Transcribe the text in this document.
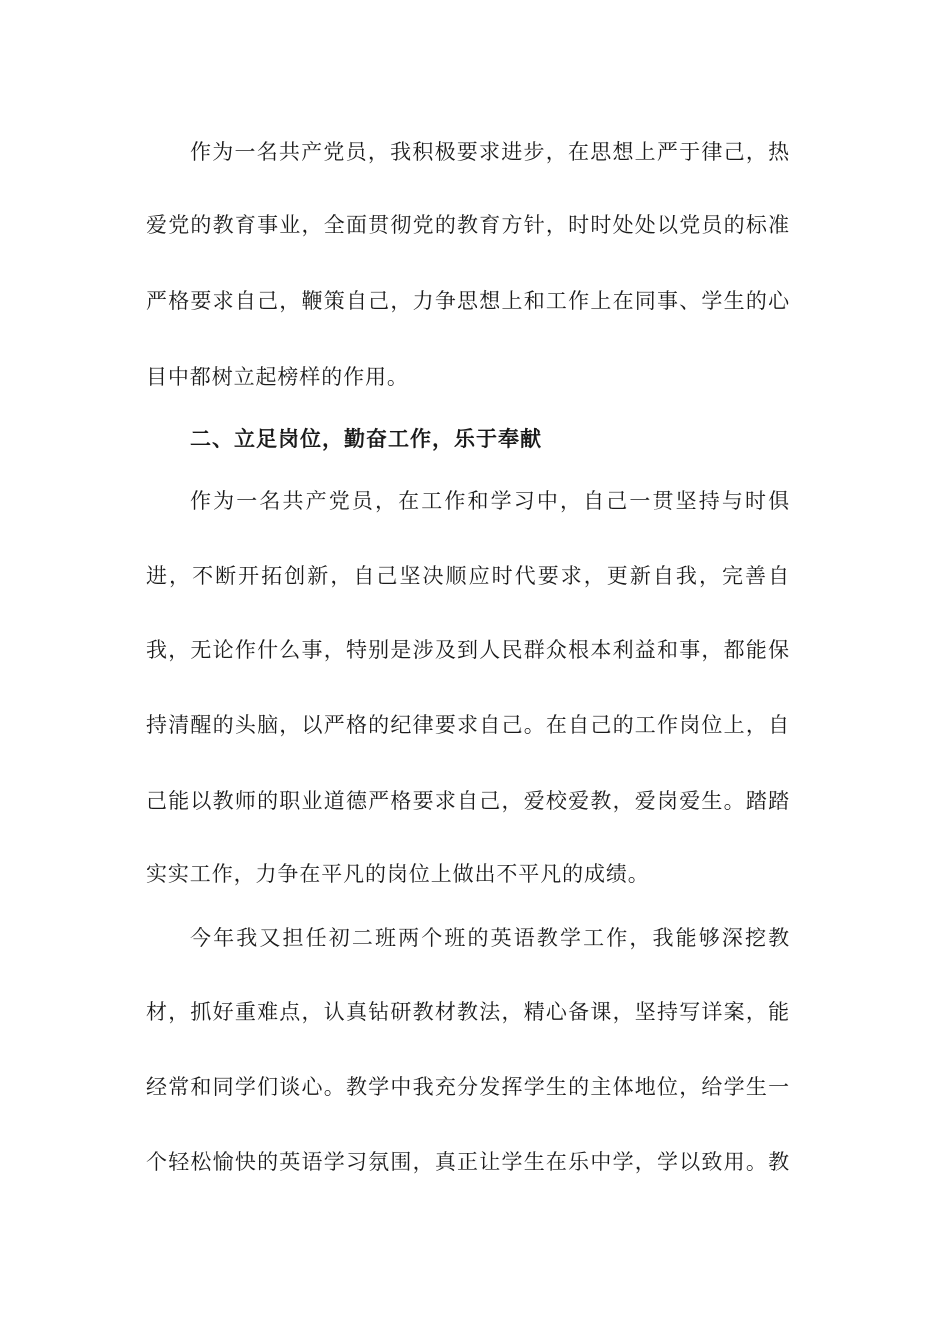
作为一名共产党员，我积极要求进步，在思想上严于律己，热
爱党的教育事业，全面贯彻党的教育方针，时时处处以党员的标准
严格要求自己，鞭策自己，力争思想上和工作上在同事、学生的心
目中都树立起榜样的作用。
二、立足岗位，勤奋工作，乐于奉献
作为一名共产党员，在工作和学习中，自己一贯坚持与时俱
进，不断开拓创新，自己坚决顺应时代要求，更新自我，完善自
我，无论作什么事，特别是涉及到人民群众根本利益和事，都能保
持清醒的头脑，以严格的纪律要求自己。在自己的工作岗位上，自
己能以教师的职业道德严格要求自己，爱校爱教，爱岗爱生。踏踏
实实工作，力争在平凡的岗位上做出不平凡的成绩。
今年我又担任初二班两个班的英语教学工作，我能够深挖教
材，抓好重难点，认真钻研教材教法，精心备课，坚持写详案，能
经常和同学们谈心。教学中我充分发挥学生的主体地位，给学生一
个轻松愉快的英语学习氛围，真正让学生在乐中学，学以致用。教
